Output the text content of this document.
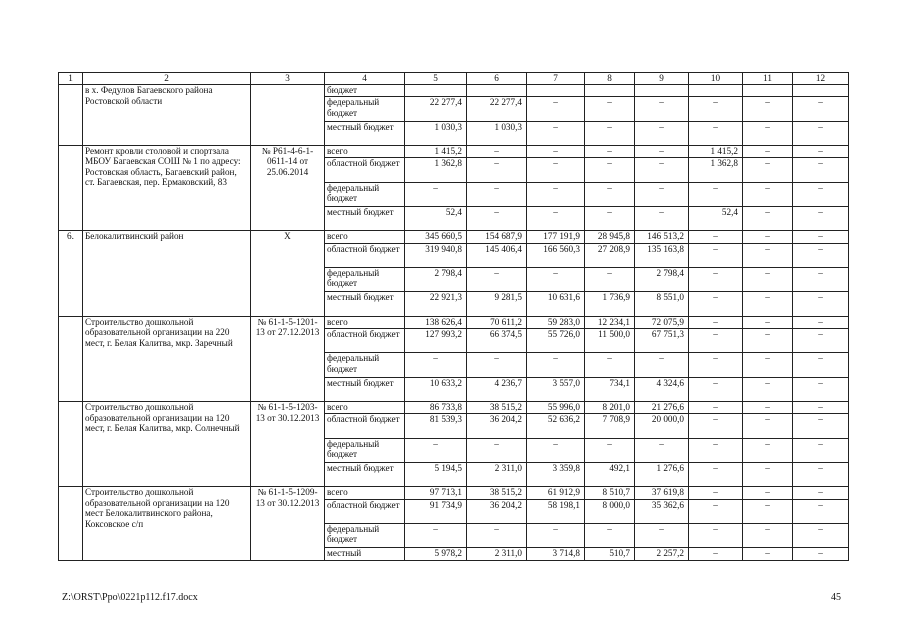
1	2	3	4	5	6	7	8	9	10	11	12
	в х. Федулов Багаевского района Ростовской области		бюджет								
			федеральный бюджет	22 277,4	22 277,4	–	–	–	–	–	–
			местный бюджет	1 030,3	1 030,3	–	–	–	–	–	–
	Ремонт кровли столовой и спортзала МБОУ Багаевская СОШ № 1 по адресу: Ростовская область, Багаевский район, ст. Багаевская, пер. Ермаковский, 83	№ Р61-4-6-1-0611-14 от 25.06.2014	всего	1 415,2	–	–	–	–	1 415,2	–	–
			областной бюджет	1 362,8	–	–	–	–	1 362,8	–	–
			федеральный бюджет	–	–	–	–	–	–	–	–
			местный бюджет	52,4	–	–	–	–	52,4	–	–
6.	Белокалитвинский район	Х	всего	345 660,5	154 687,9	177 191,9	28 945,8	146 513,2	–	–	–
			областной бюджет	319 940,8	145 406,4	166 560,3	27 208,9	135 163,8	–	–	–
			федеральный бюджет	2 798,4	–	–	–	2 798,4	–	–	–
			местный бюджет	22 921,3	9 281,5	10 631,6	1 736,9	8 551,0	–	–	–
	Строительство дошкольной образовательной организации на 220 мест, г. Белая Калитва, мкр. Заречный	№ 61-1-5-1201-13 от 27.12.2013	всего	138 626,4	70 611,2	59 283,0	12 234,1	72 075,9	–	–	–
			областной бюджет	127 993,2	66 374,5	55 726,0	11 500,0	67 751,3	–	–	–
			федеральный бюджет	–	–	–	–	–	–	–	–
			местный бюджет	10 633,2	4 236,7	3 557,0	734,1	4 324,6	–	–	–
	Строительство дошкольной образовательной организации на 120 мест, г. Белая Калитва, мкр. Солнечный	№ 61-1-5-1203-13 от 30.12.2013	всего	86 733,8	38 515,2	55 996,0	8 201,0	21 276,6	–	–	–
			областной бюджет	81 539,3	36 204,2	52 636,2	7 708,9	20 000,0	–	–	–
			федеральный бюджет	–	–	–	–	–	–	–	–
			местный бюджет	5 194,5	2 311,0	3 359,8	492,1	1 276,6	–	–	–
	Строительство дошкольной образовательной организации на 120 мест Белокалитвинского района, Коксовское с/п	№ 61-1-5-1209-13 от 30.12.2013	всего	97 713,1	38 515,2	61 912,9	8 510,7	37 619,8	–	–	–
			областной бюджет	91 734,9	36 204,2	58 198,1	8 000,0	35 362,6	–	–	–
			федеральный бюджет	–	–	–	–	–	–	–	–
			местный	5 978,2	2 311,0	3 714,8	510,7	2 257,2	–	–	–
Z:\ORST\Ppo\0221p112.f17.docx	45
